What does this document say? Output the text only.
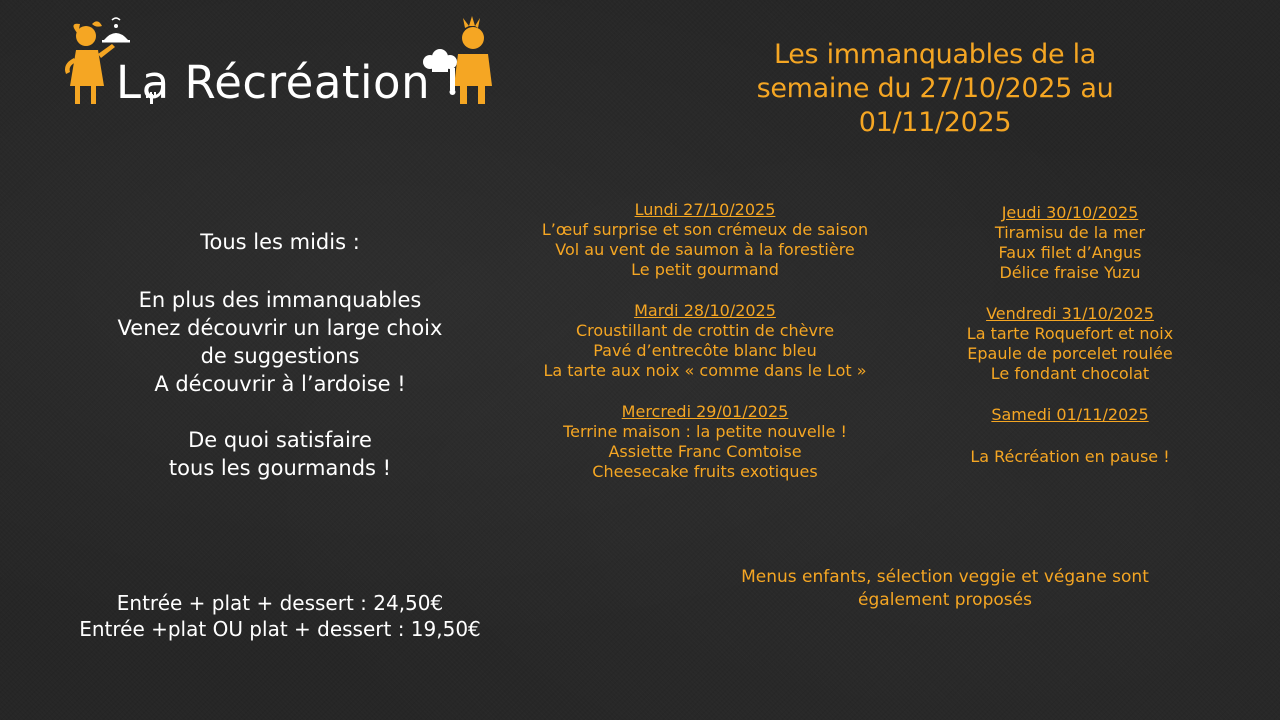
La Récréation
Les immanquables de la
semaine du 27/10/2025 au
01/11/2025
Tous les midis :
En plus des immanquables
Venez découvrir un large choix
de suggestions
A découvrir à l’ardoise !
De quoi satisfaire
tous les gourmands !
Lundi 27/10/2025
L’œuf surprise et son crémeux de saison
Vol au vent de saumon à la forestière
Le petit gourmand
Mardi 28/10/2025
Croustillant de crottin de chèvre
Pavé d’entrecôte blanc bleu
La tarte aux noix « comme dans le Lot »
Mercredi 29/01/2025
Terrine maison : la petite nouvelle !
Assiette Franc Comtoise
Cheesecake fruits exotiques
Jeudi 30/10/2025
Tiramisu de la mer
Faux filet d’Angus
Délice fraise Yuzu
Vendredi 31/10/2025
La tarte Roquefort et noix
Epaule de porcelet roulée
Le fondant chocolat
Samedi 01/11/2025
La Récréation en pause !
Menus enfants, sélection veggie et végane sont
également proposés
Entrée + plat + dessert : 24,50€
Entrée +plat OU plat + dessert : 19,50€
